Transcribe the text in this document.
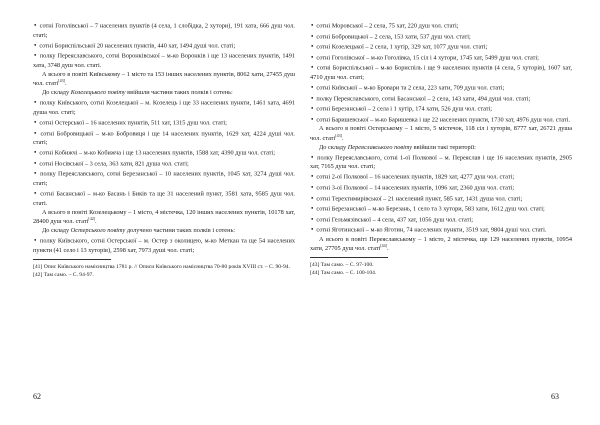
● сотні Гоголівської – 7 населених пунктів (4 села, 1 слобідка, 2 хутори), 191 хата, 666 душ чол. статі;

● сотні Бориспільської 20 населених пунктів, 440 хат, 1494 душі чол. статі;

● полку Переяславського, сотні Воронківської – м-ко Воронків і ще 13 населених пунктів, 1491 хата, 3748 душ чол. статі.

А всього в повіті Київському – 1 місто та 153 інших населених пунктів, 8062 хати, 27455 душ чол. статі[43].

До складу Козелецького повіту ввійшли частини таких полків і сотень:

● полку Київського, сотні Козелецької – м. Козелець і ще 33 населених пункти, 1461 хата, 4691 душа чол. статі;

● сотні Остерської – 16 населених пунктів, 511 хат, 1315 душ чол. статі;

● сотні Бобровицької – м-ко Бобровиця і ще 14 населених пунктів, 1629 хат, 4224 душі чол. статі;

● сотні Кобижчі – м-ко Кобижча і ще 13 населених пунктів, 1588 хат, 4390 душ чол. статі;

● сотні Носівської – 3 села, 363 хати, 821 душа чол. статі;

● полку Переяславського, сотні Березанської – 10 населених пунктів, 1045 хат, 3274 душі чол. статі;

● сотні Басанської – м-ко Басань і Биків та ще 31 населений пункт, 3581 хата, 9585 душ чол. статі.

А всього в повіті Козелецькому – 1 місто, 4 містечка, 120 інших населених пунктів, 10178 хат, 28400 душ чол. статі[42].

До складу Остерського повіту долучено частини таких полків і сотень:

● полку Київського, сотні Остерської – м. Остер з околицею, м-ко Меткан та ще 54 населених пункти (41 село і 13 хуторів), 2598 хат, 7973 душі чол. статі;

[41] Опис Київського намісництва 1781 р. // Описи Київського намісництва 70-80 років XVIII ст. – С. 90-94.

[42] Там само. – С. 94-97.

● сотні Моровської – 2 села, 75 хат, 220 душ чол. статі;

● сотні Бобровицької – 2 села, 153 хати, 537 душ чол. статі;

● сотні Козелецької – 2 села, 1 хутір, 329 хат, 1077 душ чол. статі;

● сотні Гоголівської – м-ко Гоголівка, 15 сіл і 4 хутори, 1745 хат, 5499 душ чол. статі;

● сотні Бориспільської – м-ко Бориспіль і ще 9 населених пунктів (4 села, 5 хуторів), 1607 хат, 4710 душ чол. статі;

● сотні Київської – м-ко Бровари та 2 села, 223 хати, 709 душ чол. статі;

● полку Переяславського, сотні Басанської – 2 села, 143 хати, 494 душі чол. статі;

● сотні Березанської – 2 села і 1 хутір, 174 хати, 526 душ чол. статі;

● сотні Баришевської – м-ко Баришевка і ще 22 населених пункти, 1730 хат, 4976 душ чол. статі.

А всього в повіті Остерському – 1 місто, 5 містечок, 118 сіл і хуторів, 8777 хат, 26721 душа чол. статі[43].

До складу Переяславського повіту ввійшли такі території:

● полку Переяславського, сотні 1-ої Полкової – м. Переяслав і ще 16 населених пунктів, 2905 хат, 7165 душ чол. статі;

● сотні 2-ої Полкової – 16 населених пунктів, 1829 хат, 4277 душ чол. статі;

● сотні 3-ої Полкової – 14 населених пунктів, 1096 хат, 2360 душ чол. статі;

● сотні Терехтимирівської – 21 населений пункт, 585 хат, 1431 душа чол. статі;

● сотні Березанської – м-ко Березань, 1 село та 3 хутори, 583 хати, 1612 душ чол. статі;

● сотні Гельмязівської – 4 села, 437 хат, 1056 душ чол. статі;

● сотні Яготинської – м-ко Яготин, 74 населених пункти, 3519 хат, 9804 душі чол. статі.

А всього в повіті Переяславському – 1 місто, 2 містечка, ще 129 населених пунктів, 10954 хати, 27705 душ чол. статі[44].

[43] Там само. – С. 97-100.

[44] Там само. – С. 100-104.

62	63
